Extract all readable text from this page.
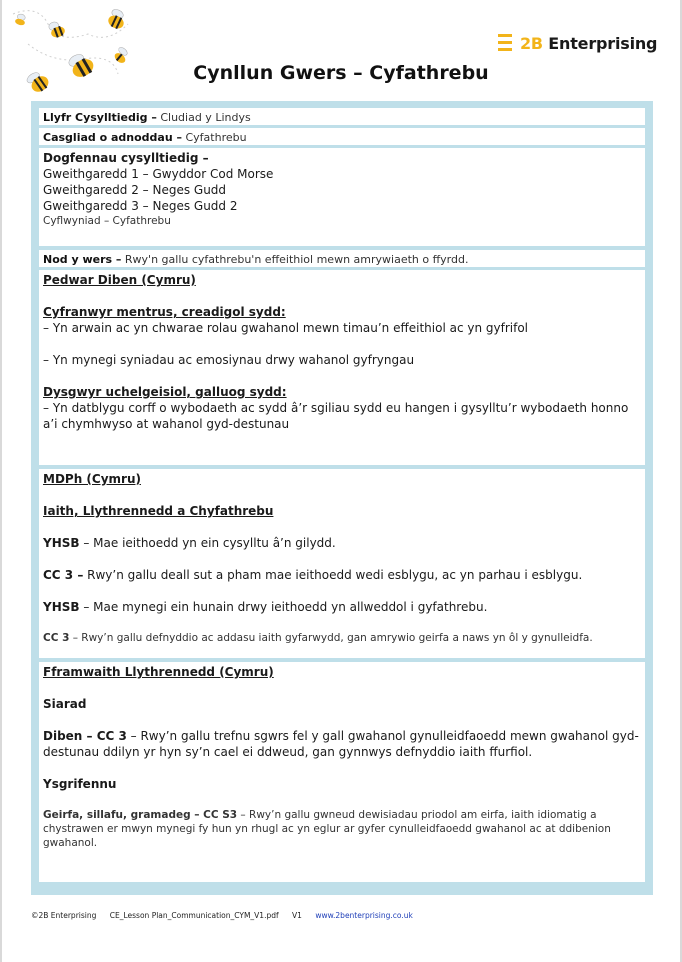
2B Enterprising
Cynllun Gwers – Cyfathrebu
Llyfr Cysylltiedig – Cludiad y Lindys
Casgliad o adnoddau – Cyfathrebu

Dogfennau cysylltiedig –

Gweithgaredd 1 – Gwyddor Cod Morse

Gweithgaredd 2 – Neges Gudd

Gweithgaredd 3 – Neges Gudd 2

Cyflwyniad – Cyfathrebu

Nod y wers – Rwy'n gallu cyfathrebu'n effeithiol mewn amrywiaeth o ffyrdd.

Pedwar Diben (Cymru)

Cyfranwyr mentrus, creadigol sydd:

– Yn arwain ac yn chwarae rolau gwahanol mewn timau’n effeithiol ac yn gyfrifol

– Yn mynegi syniadau ac emosiynau drwy wahanol gyfryngau

Dysgwyr uchelgeisiol, galluog sydd:

– Yn datblygu corff o wybodaeth ac sydd â’r sgiliau sydd eu hangen i gysylltu’r wybodaeth honno a’i chymhwyso at wahanol gyd-destunau

MDPh (Cymru)

Iaith, Llythrennedd a Chyfathrebu

YHSB – Mae ieithoedd yn ein cysylltu â’n gilydd.

CC 3 – Rwy’n gallu deall sut a pham mae ieithoedd wedi esblygu, ac yn parhau i esblygu.

YHSB – Mae mynegi ein hunain drwy ieithoedd yn allweddol i gyfathrebu.

CC 3 – Rwy’n gallu defnyddio ac addasu iaith gyfarwydd, gan amrywio geirfa a naws yn ôl y gynulleidfa.

Fframwaith Llythrennedd (Cymru)

Siarad

Diben – CC 3 – Rwy’n gallu trefnu sgwrs fel y gall gwahanol gynulleidfaoedd mewn gwahanol gyd-destunau ddilyn yr hyn sy’n cael ei ddweud, gan gynnwys defnyddio iaith ffurfiol.

Ysgrifennu

Geirfa, sillafu, gramadeg – CC S3 – Rwy’n gallu gwneud dewisiadau priodol am eirfa, iaith idiomatig a chystrawen er mwyn mynegi fy hun yn rhugl ac yn eglur ar gyfer cynulleidfaoedd gwahanol ac at ddibenion gwahanol.

©2B Enterprising CE_Lesson Plan_Communication_CYM_V1.pdf V1 www.2benterprising.co.uk
